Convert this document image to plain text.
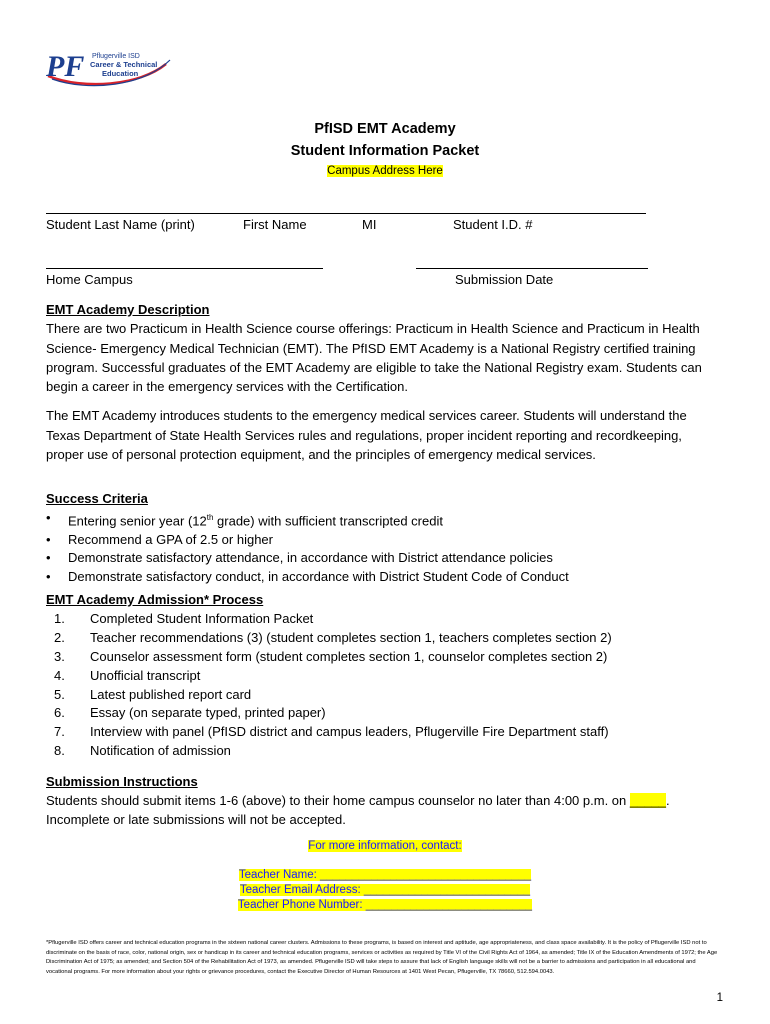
PF Pflugerville ISD
Career & Technical
Education
PfISD EMT Academy
Student Information Packet
Campus Address Here
Student Last Name (print)	First Name	MI	Student I.D. #
Home Campus	Submission Date
EMT Academy Description
There are two Practicum in Health Science course offerings: Practicum in Health Science and Practicum in Health Science- Emergency Medical Technician (EMT). The PfISD EMT Academy is a National Registry certified training program. Successful graduates of the EMT Academy are eligible to take the National Registry exam. Students can begin a career in the emergency services with the Certification.
The EMT Academy introduces students to the emergency medical services career. Students will understand the Texas Department of State Health Services rules and regulations, proper incident reporting and recordkeeping, proper use of personal protection equipment, and the principles of emergency medical services.
Success Criteria
• Entering senior year (12th grade) with sufficient transcripted credit
• Recommend a GPA of 2.5 or higher
• Demonstrate satisfactory attendance, in accordance with District attendance policies
• Demonstrate satisfactory conduct, in accordance with District Student Code of Conduct
EMT Academy Admission* Process
1. Completed Student Information Packet
2. Teacher recommendations (3) (student completes section 1, teachers completes section 2)
3. Counselor assessment form (student completes section 1, counselor completes section 2)
4. Unofficial transcript
5. Latest published report card
6. Essay (on separate typed, printed paper)
7. Interview with panel (PfISD district and campus leaders, Pflugerville Fire Department staff)
8. Notification of admission
Submission Instructions
Students should submit items 1-6 (above) to their home campus counselor no later than 4:00 p.m. on _____.
Incomplete or late submissions will not be accepted.
For more information, contact:
Teacher Name: _________________________________
Teacher Email Address: __________________________
Teacher Phone Number: __________________________
*Pflugerville ISD offers career and technical education programs in the sixteen national career clusters. Admissions to these programs, is based on interest and aptitude, age appropriateness, and class space availability. It is the policy of Pflugerville ISD not to discriminate on the basis of race, color, national origin, sex or handicap in its career and technical education programs, services or activities as required by Title VI of the Civil Rights Act of 1964, as amended; Title IX of the Education Amendments of 1972; the Age Discrimination Act of 1975; as amended; and Section 504 of the Rehabilitation Act of 1973, as amended. Pflugerville ISD will take steps to assure that lack of English language skills will not be a barrier to admissions and participation in all educational and vocational programs. For more information about your rights or grievance procedures, contact the Executive Director of Human Resources at 1401 West Pecan, Pflugerville, TX 78660, 512.594.0043.
1
